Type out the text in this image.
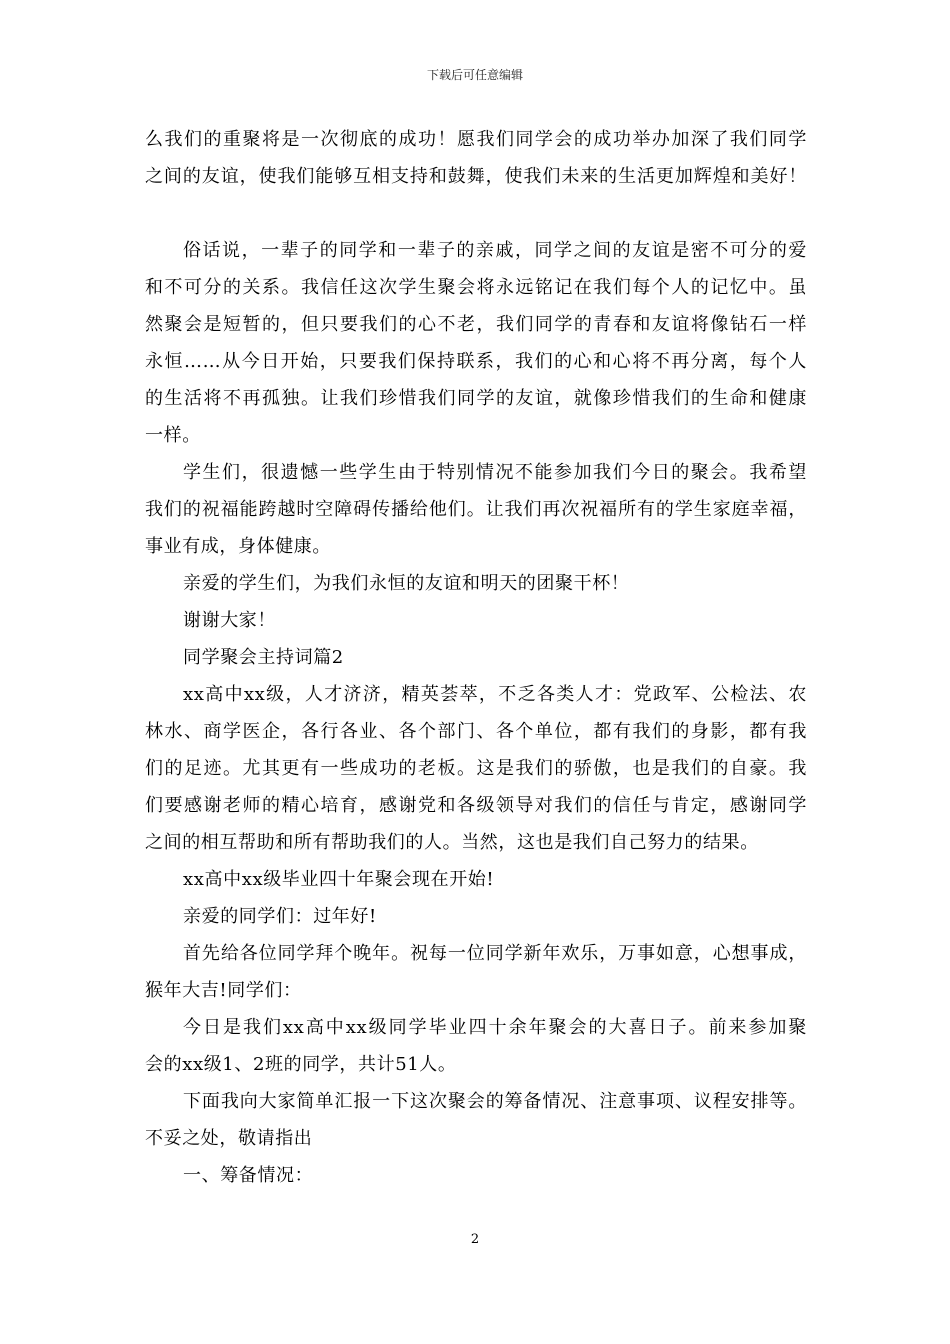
下载后可任意编辑
么我们的重聚将是一次彻底的成功！愿我们同学会的成功举办加深了我们同学
之间的友谊，使我们能够互相支持和鼓舞，使我们未来的生活更加辉煌和美好！
俗话说，一辈子的同学和一辈子的亲戚，同学之间的友谊是密不可分的爱
和不可分的关系。我信任这次学生聚会将永远铭记在我们每个人的记忆中。虽
然聚会是短暂的，但只要我们的心不老，我们同学的青春和友谊将像钻石一样
永恒……从今日开始，只要我们保持联系，我们的心和心将不再分离，每个人
的生活将不再孤独。让我们珍惜我们同学的友谊，就像珍惜我们的生命和健康
一样。
学生们，很遗憾一些学生由于特别情况不能参加我们今日的聚会。我希望
我们的祝福能跨越时空障碍传播给他们。让我们再次祝福所有的学生家庭幸福，
事业有成，身体健康。
亲爱的学生们，为我们永恒的友谊和明天的团聚干杯！
谢谢大家！
同学聚会主持词篇2
xx高中xx级，人才济济，精英荟萃，不乏各类人才：党政军、公检法、农
林水、商学医企，各行各业、各个部门、各个单位，都有我们的身影，都有我
们的足迹。尤其更有一些成功的老板。这是我们的骄傲，也是我们的自豪。我
们要感谢老师的精心培育，感谢党和各级领导对我们的信任与肯定，感谢同学
之间的相互帮助和所有帮助我们的人。当然，这也是我们自己努力的结果。
xx高中xx级毕业四十年聚会现在开始!
亲爱的同学们：过年好!
首先给各位同学拜个晚年。祝每一位同学新年欢乐，万事如意，心想事成，
猴年大吉!同学们：
今日是我们xx高中xx级同学毕业四十余年聚会的大喜日子。前来参加聚
会的xx级1、2班的同学，共计51人。
下面我向大家简单汇报一下这次聚会的筹备情况、注意事项、议程安排等。
不妥之处，敬请指出
一、筹备情况：
2
